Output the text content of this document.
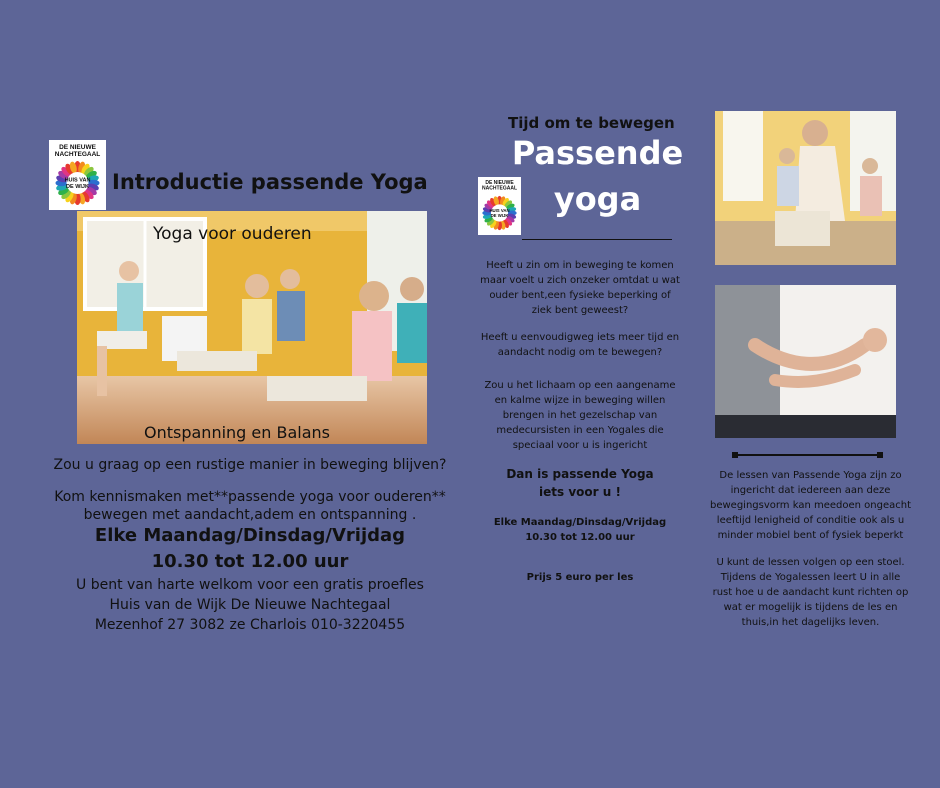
DE NIEUWE
NACHTEGAAL
HUIS VAN
DE WIJK Introductie passende Yoga
Yoga voor ouderen
Ontspanning en Balans
Zou u graag op een rustige manier in beweging blijven?
Kom kennismaken met**passende yoga voor ouderen**
bewegen met aandacht,adem en ontspanning .
Elke Maandag/Dinsdag/Vrijdag
10.30 tot 12.00 uur
U bent van harte welkom voor een gratis proefles
Huis van de Wijk De Nieuwe Nachtegaal
Mezenhof 27 3082 ze Charlois 010-3220455
Tijd om te bewegen
Passende
yoga
DE NIEUWE
NACHTEGAAL
HUIS VAN
DE WIJK
Heeft u zin om in beweging te komen
maar voelt u zich onzeker omtdat u wat
ouder bent,een fysieke beperking of
ziek bent geweest?
Heeft u eenvoudigweg iets meer tijd en
aandacht nodig om te bewegen?
Zou u het lichaam op een aangename
en kalme wijze in beweging willen
brengen in het gezelschap van
medecursisten in een Yogales die
speciaal voor u is ingericht
Dan is passende Yoga
iets voor u !
Elke Maandag/Dinsdag/Vrijdag
10.30 tot 12.00 uur
Prijs 5 euro per les
De lessen van Passende Yoga zijn zo
ingericht dat iedereen aan deze
bewegingsvorm kan meedoen ongeacht
leeftijd lenigheid of conditie ook als u
minder mobiel bent of fysiek beperkt
U kunt de lessen volgen op een stoel.
Tijdens de Yogalessen leert U in alle
rust hoe u de aandacht kunt richten op
wat er mogelijk is tijdens de les en
thuis,in het dagelijks leven.
